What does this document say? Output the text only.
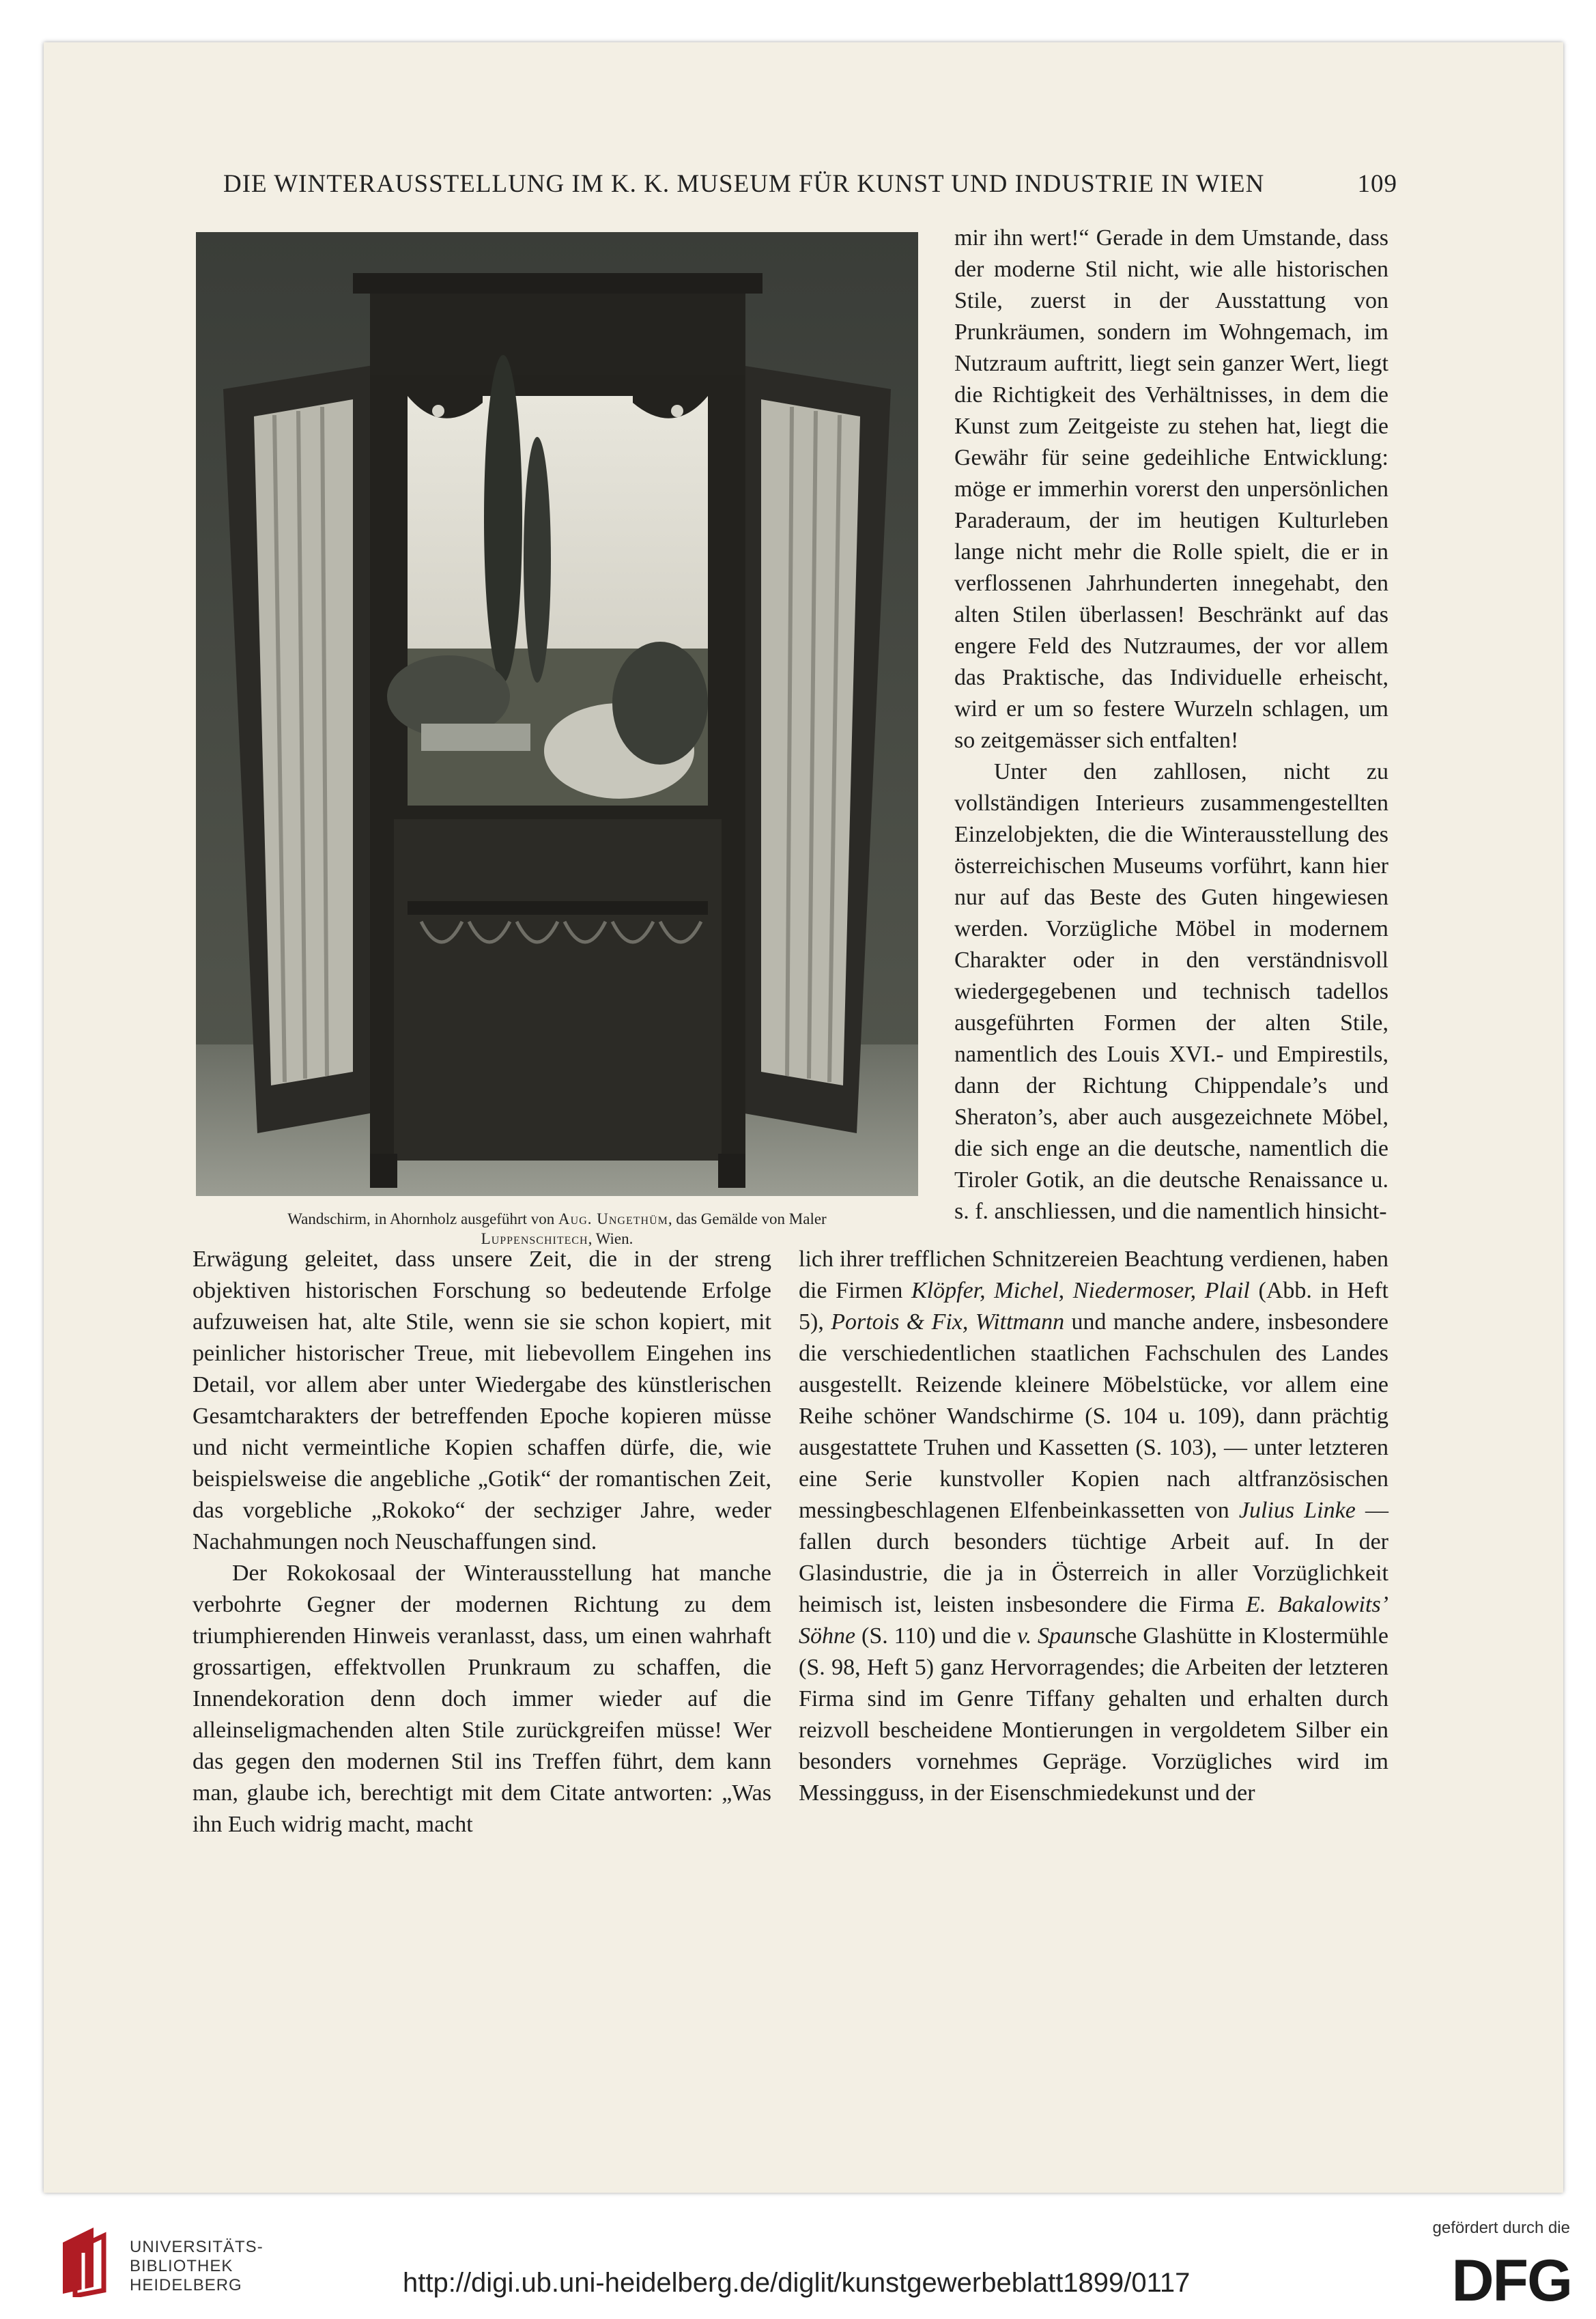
DIE WINTERAUSSTELLUNG IM K. K. MUSEUM FÜR KUNST UND INDUSTRIE IN WIEN	109
Wandschirm, in Ahornholz ausgeführt von Aug. Ungethüm, das Gemälde von Maler
Luppenschitech, Wien.

mir ihn wert!“ Gerade in dem Umstande, dass der moderne Stil nicht, wie alle historischen Stile, zuerst in der Ausstattung von Prunkräumen, sondern im Wohngemach, im Nutzraum auftritt, liegt sein ganzer Wert, liegt die Richtigkeit des Verhältnisses, in dem die Kunst zum Zeitgeiste zu stehen hat, liegt die Gewähr für seine gedeihliche Entwicklung: möge er immerhin vorerst den unpersönlichen Paraderaum, der im heutigen Kulturleben lange nicht mehr die Rolle spielt, die er in verflossenen Jahrhunderten innegehabt, den alten Stilen überlassen! Beschränkt auf das engere Feld des Nutzraumes, der vor allem das Praktische, das Individuelle erheischt, wird er um so festere Wurzeln schlagen, um so zeitgemässer sich entfalten!

Unter den zahllosen, nicht zu vollständigen Interieurs zusammengestellten Einzelobjekten, die die Winterausstellung des österreichischen Museums vorführt, kann hier nur auf das Beste des Guten hingewiesen werden. Vorzügliche Möbel in modernem Charakter oder in den verständnisvoll wiedergegebenen und technisch tadellos ausgeführten Formen der alten Stile, namentlich des Louis XVI.- und Empirestils, dann der Richtung Chippendale’s und Sheraton’s, aber auch ausgezeichnete Möbel, die sich enge an die deutsche, namentlich die Tiroler Gotik, an die deutsche Renaissance u. s. f. anschliessen, und die namentlich hinsicht-

Erwägung geleitet, dass unsere Zeit, die in der streng objektiven historischen Forschung so bedeutende Erfolge aufzuweisen hat, alte Stile, wenn sie sie schon kopiert, mit peinlicher historischer Treue, mit liebevollem Eingehen ins Detail, vor allem aber unter Wiedergabe des künstlerischen Gesamtcharakters der betreffenden Epoche kopieren müsse und nicht vermeintliche Kopien schaffen dürfe, die, wie beispielsweise die angebliche „Gotik“ der romantischen Zeit, das vorgebliche „Rokoko“ der sechziger Jahre, weder Nachahmungen noch Neuschaffungen sind.

Der Rokokosaal der Winterausstellung hat manche verbohrte Gegner der modernen Richtung zu dem triumphierenden Hinweis veranlasst, dass, um einen wahrhaft grossartigen, effektvollen Prunkraum zu schaffen, die Innendekoration denn doch immer wieder auf die alleinseligmachenden alten Stile zurückgreifen müsse! Wer das gegen den modernen Stil ins Treffen führt, dem kann man, glaube ich, berechtigt mit dem Citate antworten: „Was ihn Euch widrig macht, macht

lich ihrer trefflichen Schnitzereien Beachtung verdienen, haben die Firmen Klöpfer, Michel, Niedermoser, Plail (Abb. in Heft 5), Portois & Fix, Wittmann und manche andere, insbesondere die verschiedentlichen staatlichen Fachschulen des Landes ausgestellt. Reizende kleinere Möbelstücke, vor allem eine Reihe schöner Wandschirme (S. 104 u. 109), dann prächtig ausgestattete Truhen und Kassetten (S. 103), — unter letzteren eine Serie kunstvoller Kopien nach altfranzösischen messingbeschlagenen Elfenbeinkassetten von Julius Linke — fallen durch besonders tüchtige Arbeit auf. In der Glasindustrie, die ja in Österreich in aller Vorzüglichkeit heimisch ist, leisten insbesondere die Firma E. Bakalowits’ Söhne (S. 110) und die v. Spaunsche Glashütte in Klostermühle (S. 98, Heft 5) ganz Hervorragendes; die Arbeiten der letzteren Firma sind im Genre Tiffany gehalten und erhalten durch reizvoll bescheidene Montierungen in vergoldetem Silber ein besonders vornehmes Gepräge. Vorzügliches wird im Messingguss, in der Eisenschmiedekunst und der

UNIVERSITÄTS-
BIBLIOTHEK
HEIDELBERG	http://digi.ub.uni-heidelberg.de/diglit/kunstgewerbeblatt1899/0117
gefördert durch die
DFG
